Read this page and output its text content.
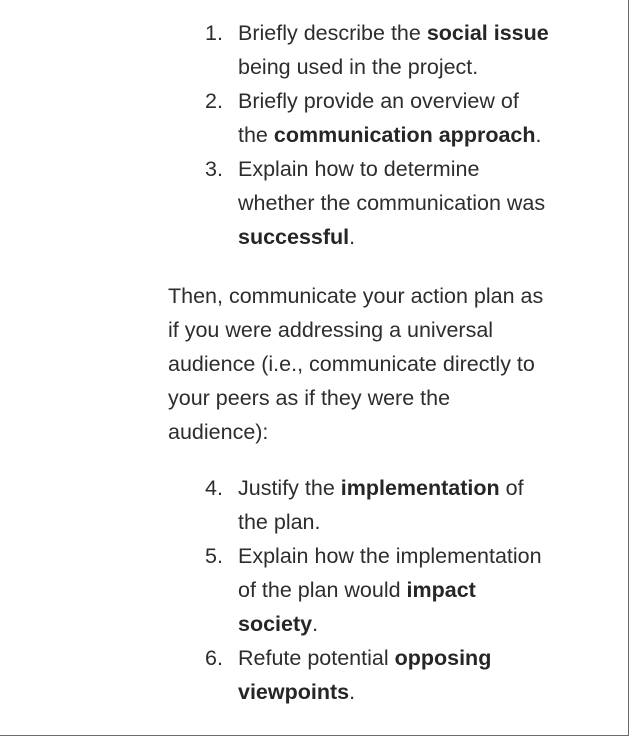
1. Briefly describe the social issue
being used in the project.
2. Briefly provide an overview of
the communication approach.
3. Explain how to determine
whether the communication was
successful.
Then, communicate your action plan as
if you were addressing a universal
audience (i.e., communicate directly to
your peers as if they were the
audience):
4. Justify the implementation of
the plan.
5. Explain how the implementation
of the plan would impact
society.
6. Refute potential opposing
viewpoints.
